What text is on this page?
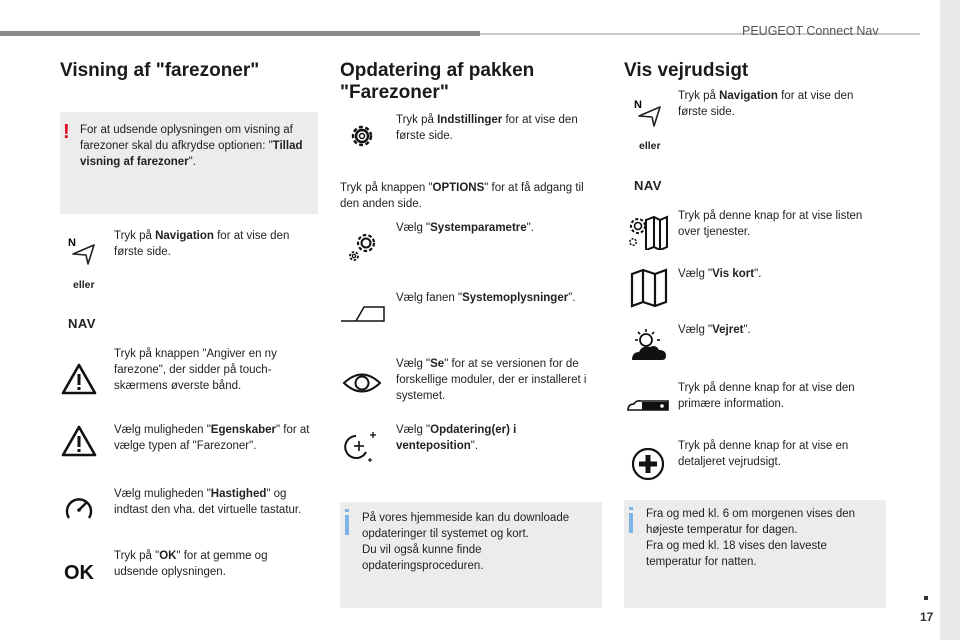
PEUGEOT Connect Nav
17
Visning af "farezoner"
! For at udsende oplysningen om visning af farezoner skal du afkrydse optionen: "Tillad visning af farezoner".
N
eller
NAV
Tryk på Navigation for at vise den første side.
Tryk på knappen "Angiver en ny farezone", der sidder på touch-skærmens øverste bånd.
Vælg muligheden "Egenskaber" for at vælge typen af "Farezoner".
Vælg muligheden "Hastighed" og indtast den vha. det virtuelle tastatur.
OK
Tryk på "OK" for at gemme og udsende oplysningen.
Opdatering af pakken
"Farezoner"
Tryk på Indstillinger for at vise den første side.
Tryk på knappen "OPTIONS" for at få adgang til den anden side.
Vælg "Systemparametre".
Vælg fanen "Systemoplysninger".
Vælg "Se" for at se versionen for de forskellige moduler, der er installeret i systemet.
Vælg "Opdatering(er) i venteposition".
På vores hjemmeside kan du downloade opdateringer til systemet og kort.
Du vil også kunne finde opdateringsproceduren.
Vis vejrudsigt
N
eller
NAV
Tryk på Navigation for at vise den første side.
Tryk på denne knap for at vise listen over tjenester.
Vælg "Vis kort".
Vælg "Vejret".
Tryk på denne knap for at vise den primære information.
Tryk på denne knap for at vise en detaljeret vejrudsigt.
Fra og med kl. 6 om morgenen vises den højeste temperatur for dagen.
Fra og med kl. 18 vises den laveste temperatur for natten.
